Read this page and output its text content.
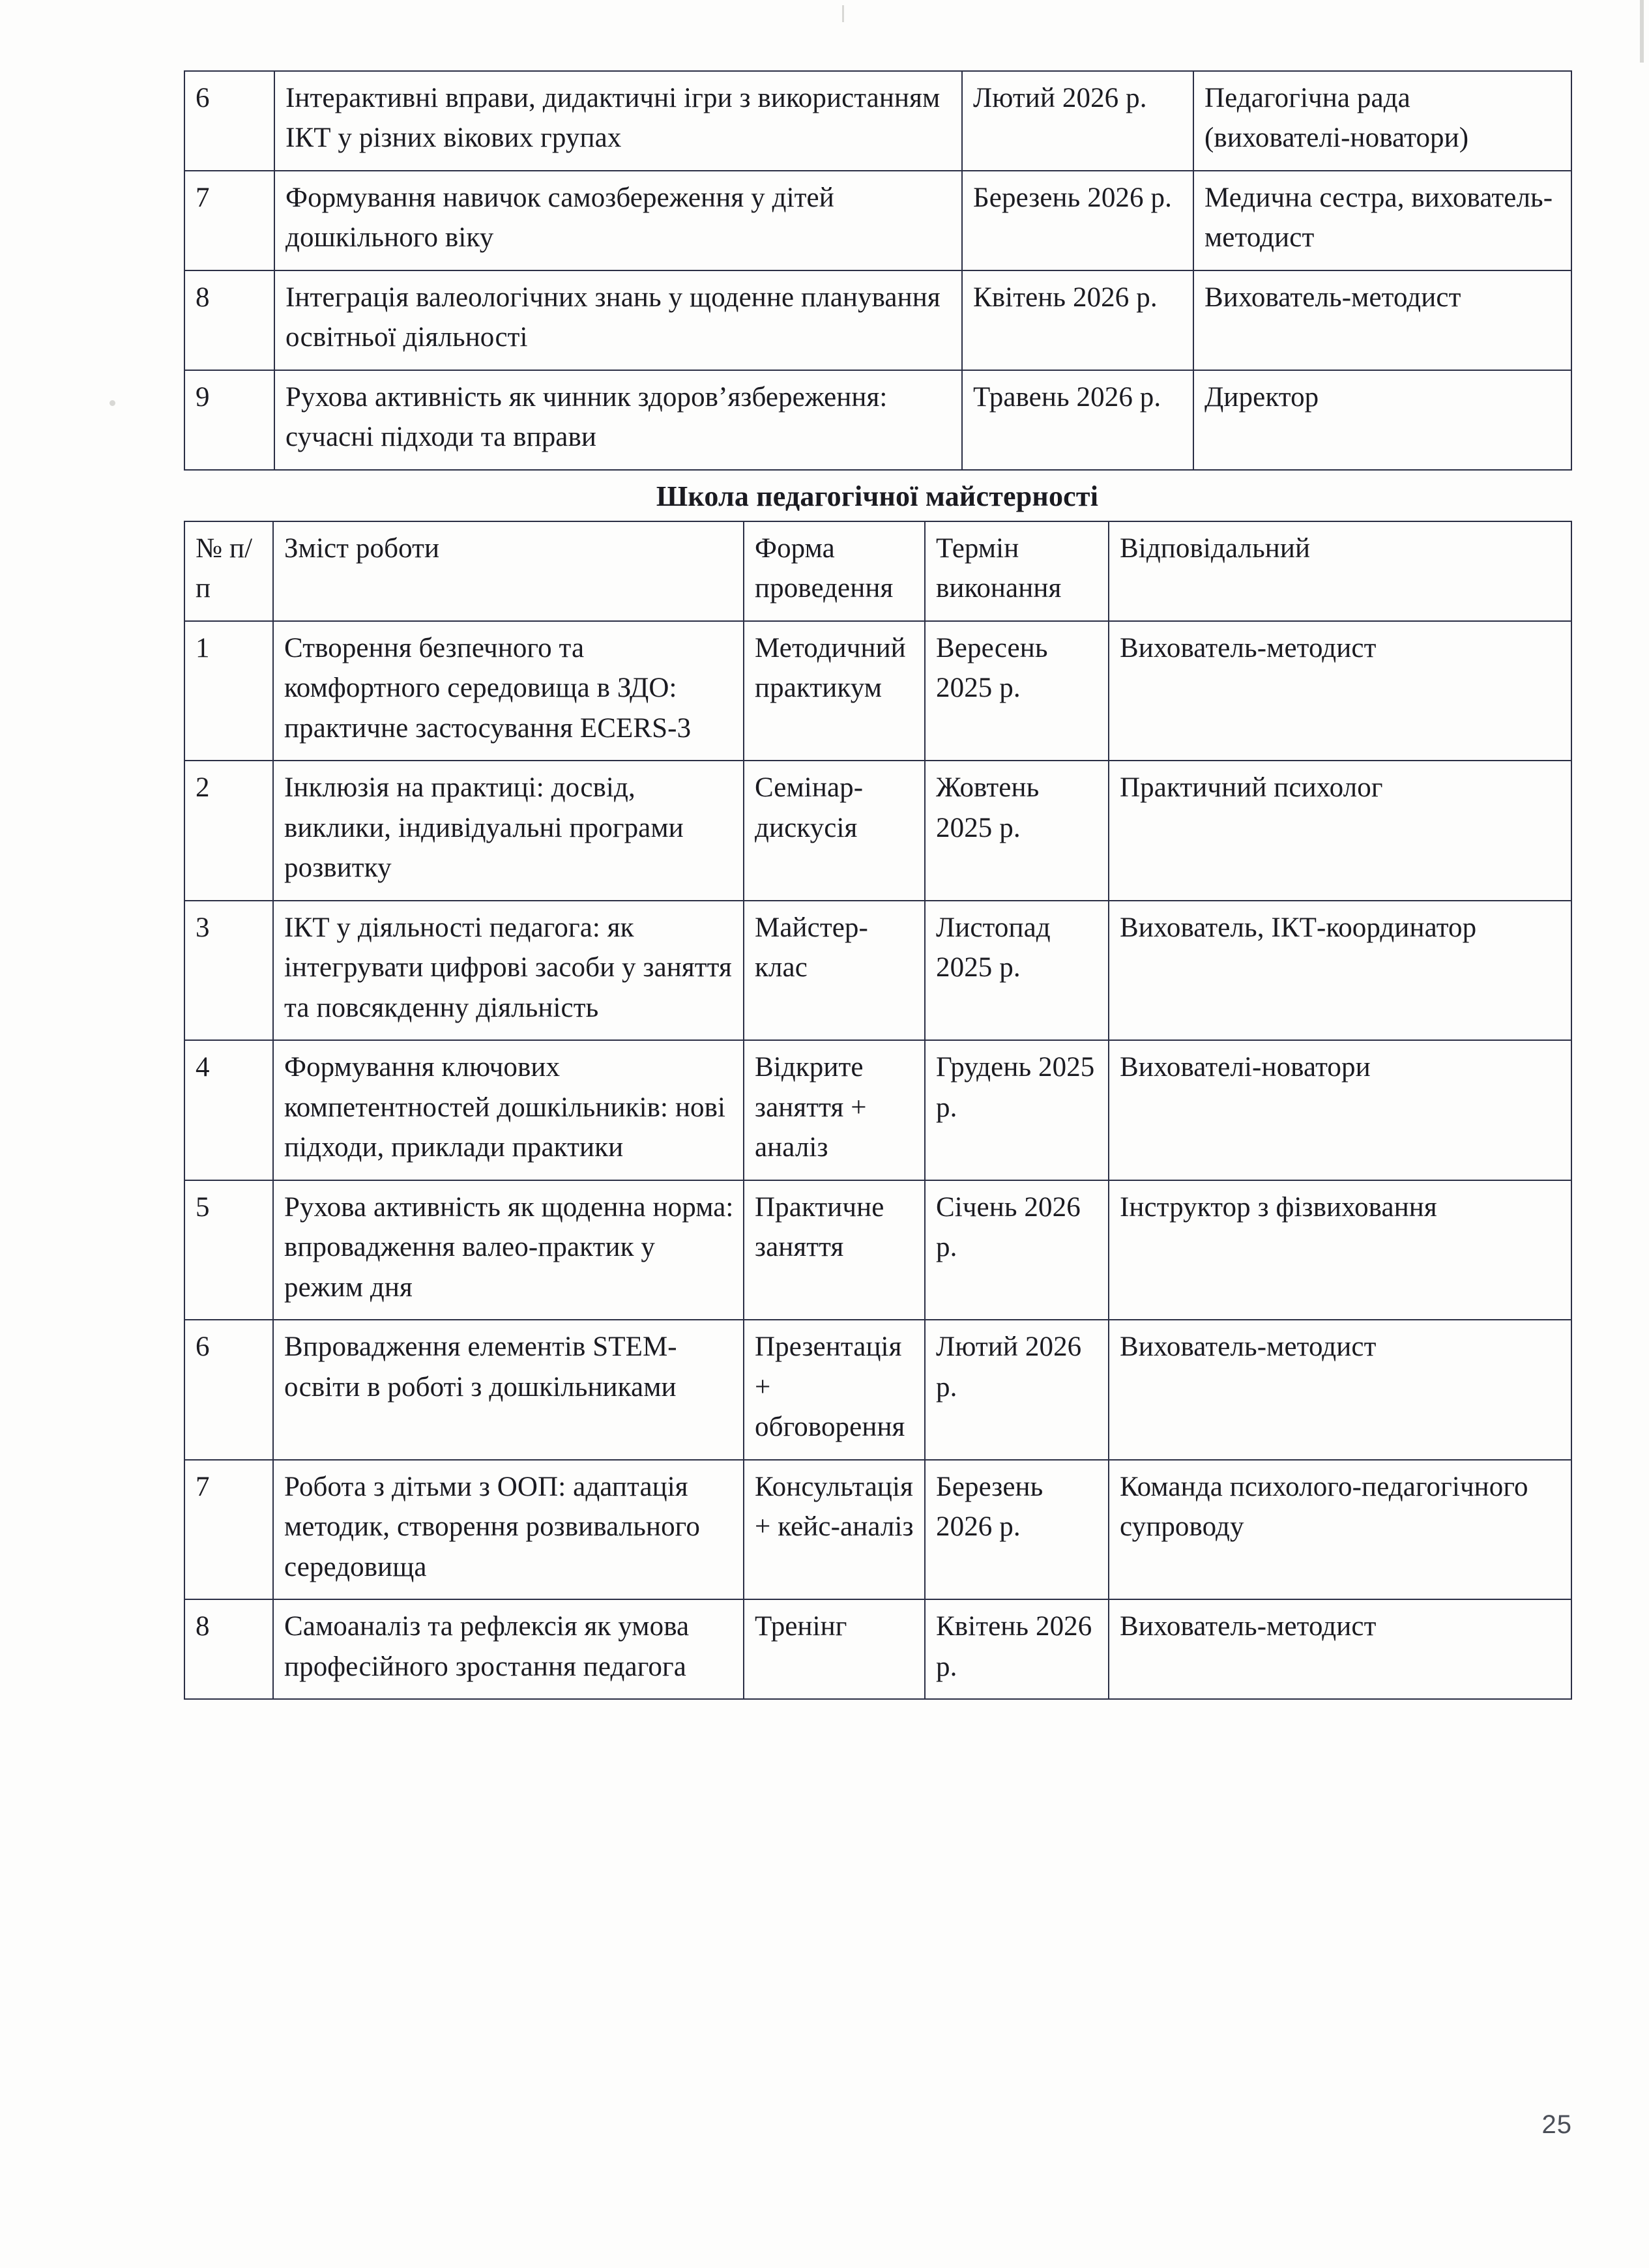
6	Інтерактивні вправи, дидактичні ігри з використанням ІКТ у різних вікових групах	Лютий 2026 р.	Педагогічна рада (вихователі-новатори)

7	Формування навичок самозбереження у дітей дошкільного віку	Березень 2026 р.	Медична сестра, вихователь-методист

8	Інтеграція валеологічних знань у щоденне планування освітньої діяльності	Квітень 2026 р.	Вихователь-методист

9	Рухова активність як чинник здоров’язбереження: сучасні підходи та вправи	Травень 2026 р.	Директор
Школа педагогічної майстерності
№ п/п	Зміст роботи	Форма проведення	Термін виконання	Відповідальний

1	Створення безпечного та комфортного середовища в ЗДО: практичне застосування ECERS-3	Методичний практикум	Вересень 2025 р.	Вихователь-методист

2	Інклюзія на практиці: досвід, виклики, індивідуальні програми розвитку	Семінар-дискусія	Жовтень 2025 р.	Практичний психолог

3	ІКТ у діяльності педагога: як інтегрувати цифрові засоби у заняття та повсякденну діяльність	Майстер-клас	Листопад 2025 р.	Вихователь, ІКТ-координатор

4	Формування ключових компетентностей дошкільників: нові підходи, приклади практики	Відкрите заняття + аналіз	Грудень 2025 р.	Вихователі-новатори

5	Рухова активність як щоденна норма: впровадження валео-практик у режим дня	Практичне заняття	Січень 2026 р.	Інструктор з фізвиховання

6	Впровадження елементів STEM-освіти в роботі з дошкільниками	Презентація + обговорення	Лютий 2026 р.	Вихователь-методист

7	Робота з дітьми з ООП: адаптація методик, створення розвивального середовища	Консультація + кейс-аналіз	Березень 2026 р.	Команда психолого-педагогічного супроводу

8	Самоаналіз та рефлексія як умова професійного зростання педагога	Тренінг	Квітень 2026 р.	Вихователь-методист
25
